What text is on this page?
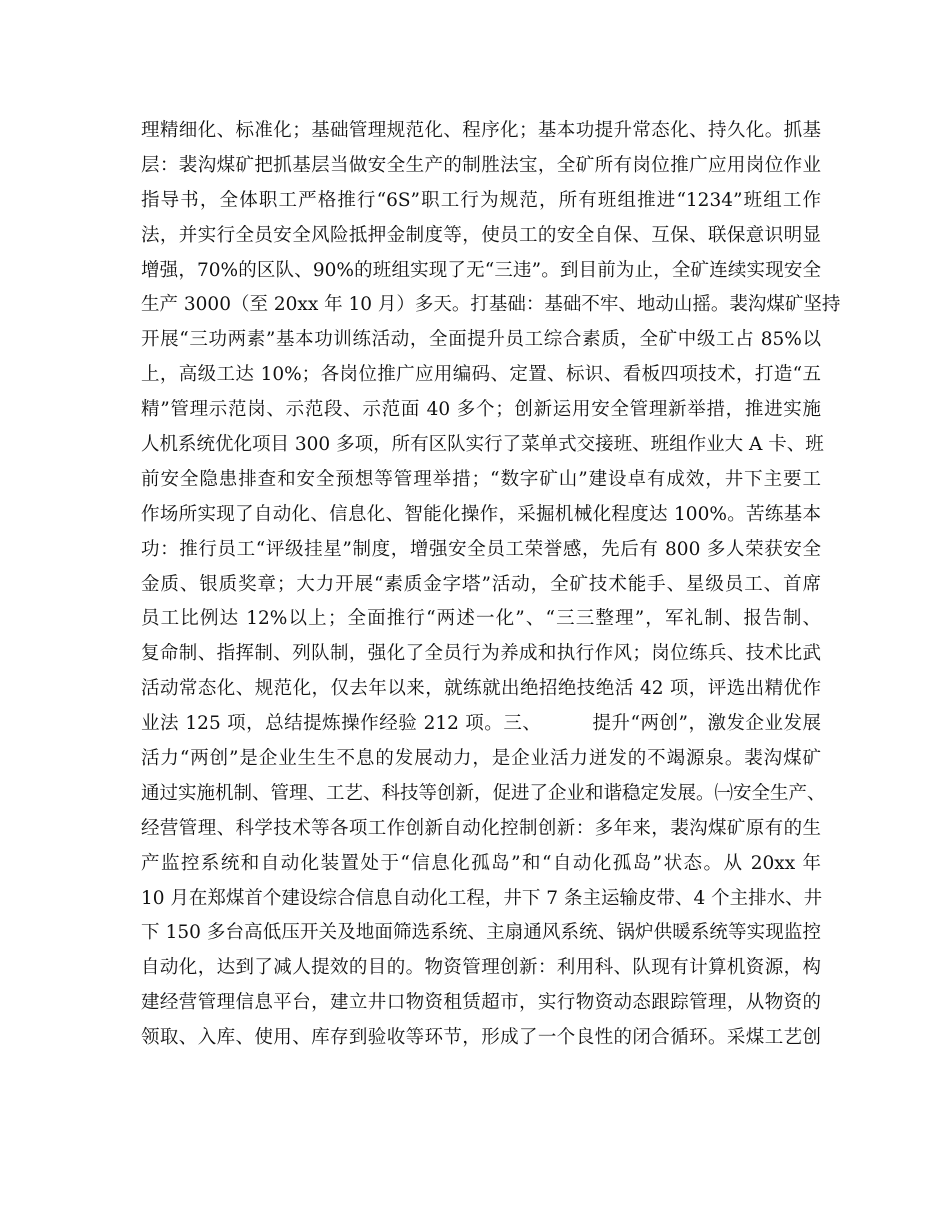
理精细化、标准化；基础管理规范化、程序化；基本功提升常态化、持久化。抓基
层：裴沟煤矿把抓基层当做安全生产的制胜法宝，全矿所有岗位推广应用岗位作业
指导书，全体职工严格推行“6S”职工行为规范，所有班组推进“1234”班组工作
法，并实行全员安全风险抵押金制度等，使员工的安全自保、互保、联保意识明显
增强，70%的区队、90%的班组实现了无“三违”。到目前为止，全矿连续实现安全
生产 3000（至 20xx 年 10 月）多天。打基础：基础不牢、地动山摇。裴沟煤矿坚持
开展“三功两素”基本功训练活动，全面提升员工综合素质，全矿中级工占 85%以
上，高级工达 10%；各岗位推广应用编码、定置、标识、看板四项技术，打造“五
精”管理示范岗、示范段、示范面 40 多个；创新运用安全管理新举措，推进实施
人机系统优化项目 300 多项，所有区队实行了菜单式交接班、班组作业大 A 卡、班
前安全隐患排查和安全预想等管理举措；“数字矿山”建设卓有成效，井下主要工
作场所实现了自动化、信息化、智能化操作，采掘机械化程度达 100%。苦练基本
功：推行员工“评级挂星”制度，增强安全员工荣誉感，先后有 800 多人荣获安全
金质、银质奖章；大力开展“素质金字塔”活动，全矿技术能手、星级员工、首席
员工比例达 12%以上；全面推行“两述一化”、“三三整理”，军礼制、报告制、
复命制、指挥制、列队制，强化了全员行为养成和执行作风；岗位练兵、技术比武
活动常态化、规范化，仅去年以来，就练就出绝招绝技绝活 42 项，评选出精优作
业法 125 项，总结提炼操作经验 212 项。三、        提升“两创”，激发企业发展
活力“两创”是企业生生不息的发展动力，是企业活力迸发的不竭源泉。裴沟煤矿
通过实施机制、管理、工艺、科技等创新，促进了企业和谐稳定发展。㈠安全生产、
经营管理、科学技术等各项工作创新自动化控制创新：多年来，裴沟煤矿原有的生
产监控系统和自动化装置处于“信息化孤岛”和“自动化孤岛”状态。从 20xx 年
10 月在郑煤首个建设综合信息自动化工程，井下 7 条主运输皮带、4 个主排水、井
下 150 多台高低压开关及地面筛选系统、主扇通风系统、锅炉供暖系统等实现监控
自动化，达到了减人提效的目的。物资管理创新：利用科、队现有计算机资源，构
建经营管理信息平台，建立井口物资租赁超市，实行物资动态跟踪管理，从物资的
领取、入库、使用、库存到验收等环节，形成了一个良性的闭合循环。采煤工艺创
